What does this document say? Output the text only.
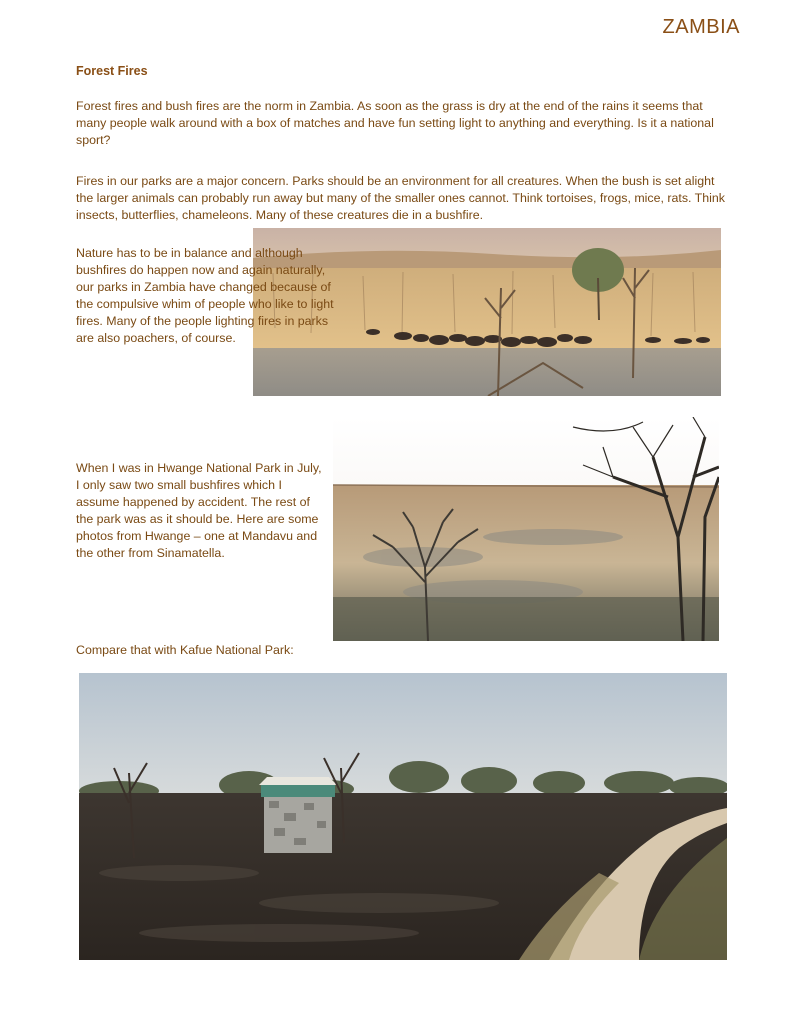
ZAMBIA
Forest Fires

Forest fires and bush fires are the norm in Zambia. As soon as the grass is dry at the end of the rains it seems that many people walk around with a box of matches and have fun setting light to anything and everything. Is it a national sport?

Fires in our parks are a major concern. Parks should be an environment for all creatures. When the bush is set alight the larger animals can probably run away but many of the smaller ones cannot. Think tortoises, frogs, mice, rats. Think insects, butterflies, chameleons. Many of these creatures die in a bushfire.

Nature has to be in balance and although bushfires do happen now and again naturally, our parks in Zambia have changed because of the compulsive whim of people who like to light fires. Many of the people lighting fires in parks are also poachers, of course.

When I was in Hwange National Park in July, I only saw two small bushfires which I assume happened by accident. The rest of the park was as it should be. Here are some photos from Hwange – one at Mandavu and the other from Sinamatella.

Compare that with Kafue National Park:
